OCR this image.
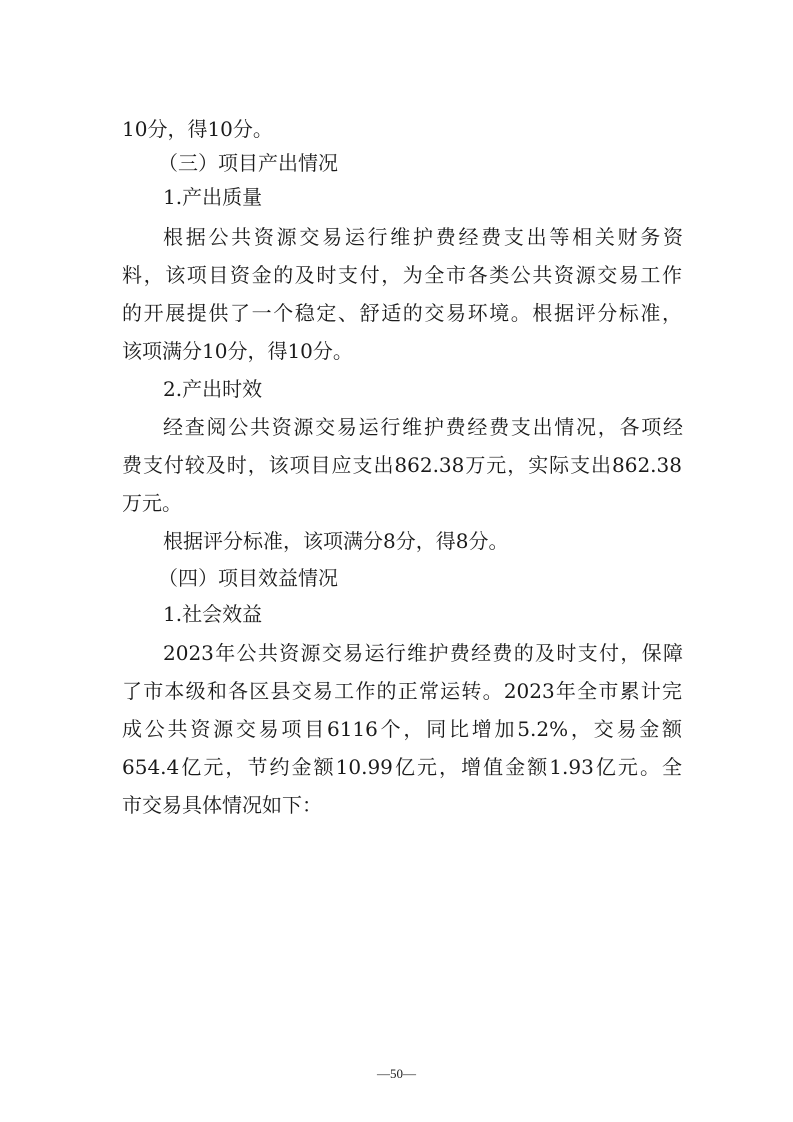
10分，得10分。
（三）项目产出情况
1.产出质量
根据公共资源交易运行维护费经费支出等相关财务资
料，该项目资金的及时支付，为全市各类公共资源交易工作
的开展提供了一个稳定、舒适的交易环境。根据评分标准，
该项满分10分，得10分。
2.产出时效
经查阅公共资源交易运行维护费经费支出情况，各项经
费支付较及时，该项目应支出862.38万元，实际支出862.38
万元。
根据评分标准，该项满分8分，得8分。
（四）项目效益情况
1.社会效益
2023年公共资源交易运行维护费经费的及时支付，保障
了市本级和各区县交易工作的正常运转。2023年全市累计完
成公共资源交易项目6116个，同比增加5.2%，交易金额
654.4亿元，节约金额10.99亿元，增值金额1.93亿元。全
市交易具体情况如下：
—50—
